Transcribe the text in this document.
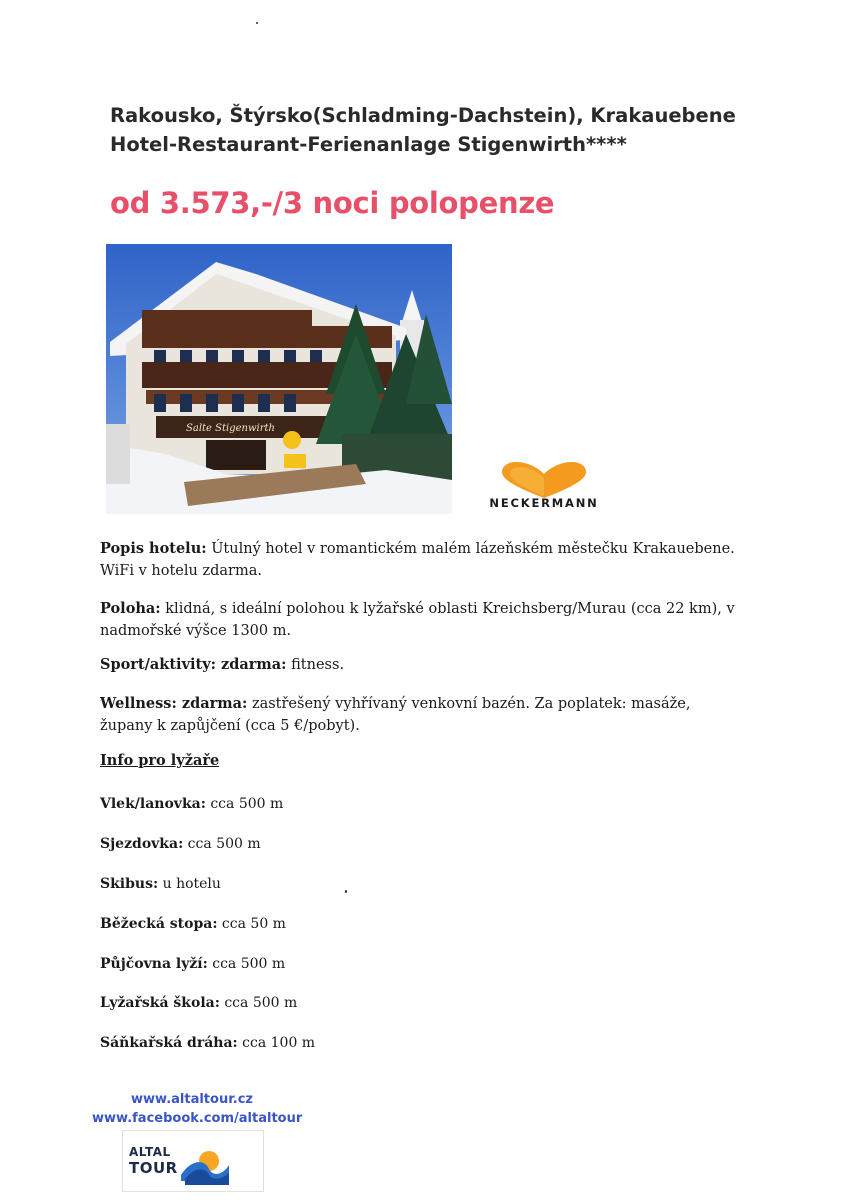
Rakousko, Štýrsko(Schladming-Dachstein), Krakauebene
Hotel-Restaurant-Ferienanlage Stigenwirth****
od 3.573,-/3 noci polopenze
Salte Stigenwirth
NECKERMANN
Popis hotelu: Útulný hotel v romantickém malém lázeňském městečku Krakauebene. WiFi v hotelu zdarma.
Poloha: klidná, s ideální polohou k lyžařské oblasti Kreichsberg/Murau (cca 22 km), v nadmořské výšce 1300 m.
Sport/aktivity: zdarma: fitness.
Wellness: zdarma: zastřešený vyhřívaný venkovní bazén. Za poplatek: masáže, župany k zapůjčení (cca 5 €/pobyt).
Info pro lyžaře
Vlek/lanovka: cca 500 m
Sjezdovka: cca 500 m
Skibus: u hotelu
Běžecká stopa: cca 50 m
Půjčovna lyží: cca 500 m
Lyžařská škola: cca 500 m
Sáňkařská dráha: cca 100 m
www.altaltour.cz
www.facebook.com/altaltour
ALTAL
TOUR
